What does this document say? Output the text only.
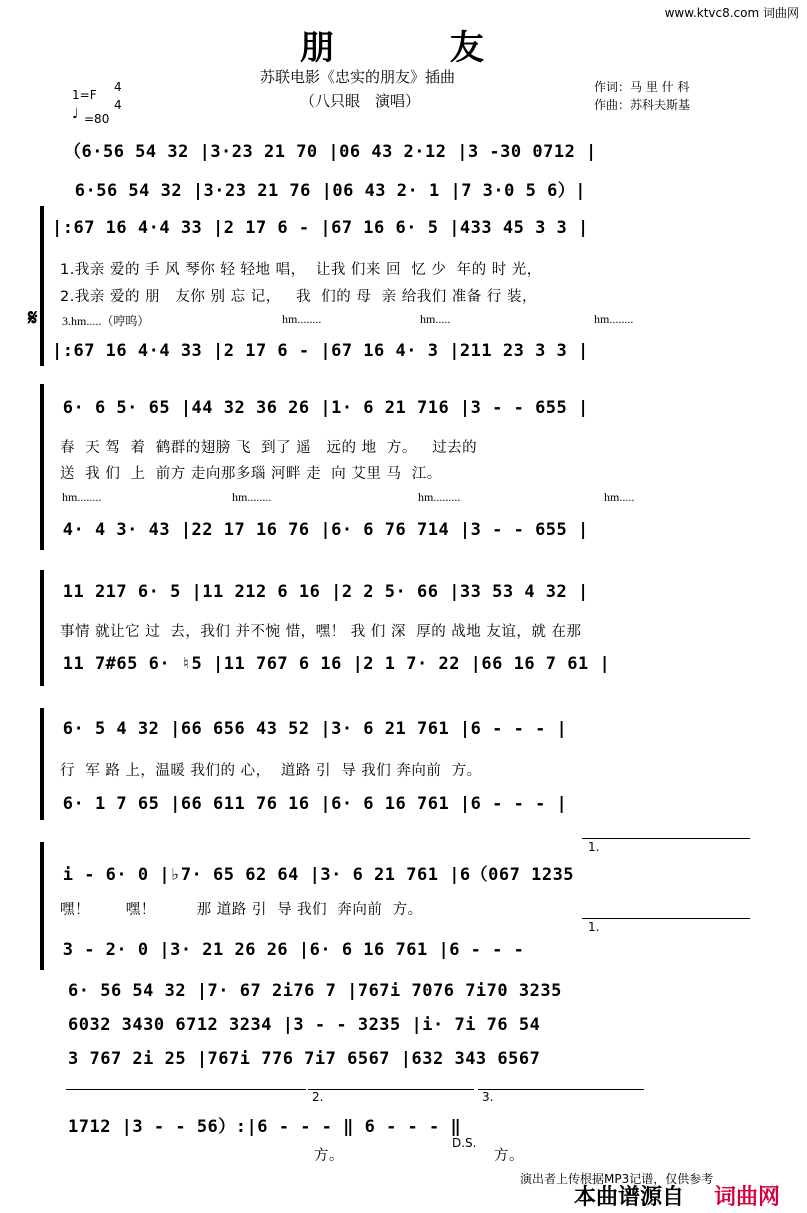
www.ktvc8.com 词曲网
朋 友
苏联电影《忠实的朋友》插曲
（八只眼　演唱）
作词：马 里 什 科
作曲：苏科夫斯基
1=F
4
4
♩ =80
（6·56 54 32 |3·23 21 70 |06 43 2·12 |3 -30 0712 |
6·56 54 32 |3·23 21 76 |06 43 2· 1 |7 3·0 5 6）|
𝄋
|:67 16 4·4 33 |2 17 6 - |67 16 6· 5 |433 45 3 3 |
1.我亲 爱的 手 风 琴你 轻 轻地 唱，  让我 们来 回  忆 少  年的 时 光，
2.我亲 爱的 朋   友你 别 忘 记，   我  们的 母  亲 给我们 准备 行 装，
3.hm.....（哼呜）	hm........	hm.....	hm........
|:67 16 4·4 33 |2 17 6 - |67 16 4· 3 |211 23 3 3 |
6· 6 5· 65 |44 32 36 26 |1· 6 21 716 |3 - - 655 |
春  天 驾  着  鹤群的翅膀 飞  到了 遥   远的 地  方。   过去的
送  我 们  上  前方 走向那多瑙 河畔 走  向 艾里 马  江。
hm........	hm........	hm.........	hm.....
4· 4 3· 43 |22 17 16 76 |6· 6 76 714 |3 - - 655 |
11 217 6· 5 |11 212 6 16 |2 2 5· 66 |33 53 4 32 |
事情 就让它 过  去，我们 并不惋 惜，嘿！ 我 们 深  厚的 战地 友谊，就 在那
11 7#65 6· ♮5 |11 767 6 16 |2 1 7· 22 |66 16 7 61 |
6· 5 4 32 |66 656 43 52 |3· 6 21 761 |6 - - - |
行  军 路 上，温暖 我们的 心，  道路 引  导 我们 奔向前  方。
6· 1 7 65 |66 611 76 16 |6· 6 16 761 |6 - - - |
1.
i - 6· 0 |♭7· 65 62 64 |3· 6 21 761 |6（067 1235
嘿！       嘿！        那 道路 引  导 我们  奔向前  方。
1.
3 - 2· 0 |3· 21 26 26 |6· 6 16 761 |6 - - -
6· 56 54 32 |7· 67 2i76 7 |767i 7076 7i70 3235
6032 3430 6712 3234 |3 - - 3235 |i· 7i 76 54
3 767 2i 25 |767i 776 7i7 6567 |632 343 6567
2.	3.
1712 |3 - - 56）:|6 - - - ‖ 6 - - - ‖
D.S.
方。	方。
演出者上传根据MP3记谱，仅供参考
本曲谱源自 词曲网
